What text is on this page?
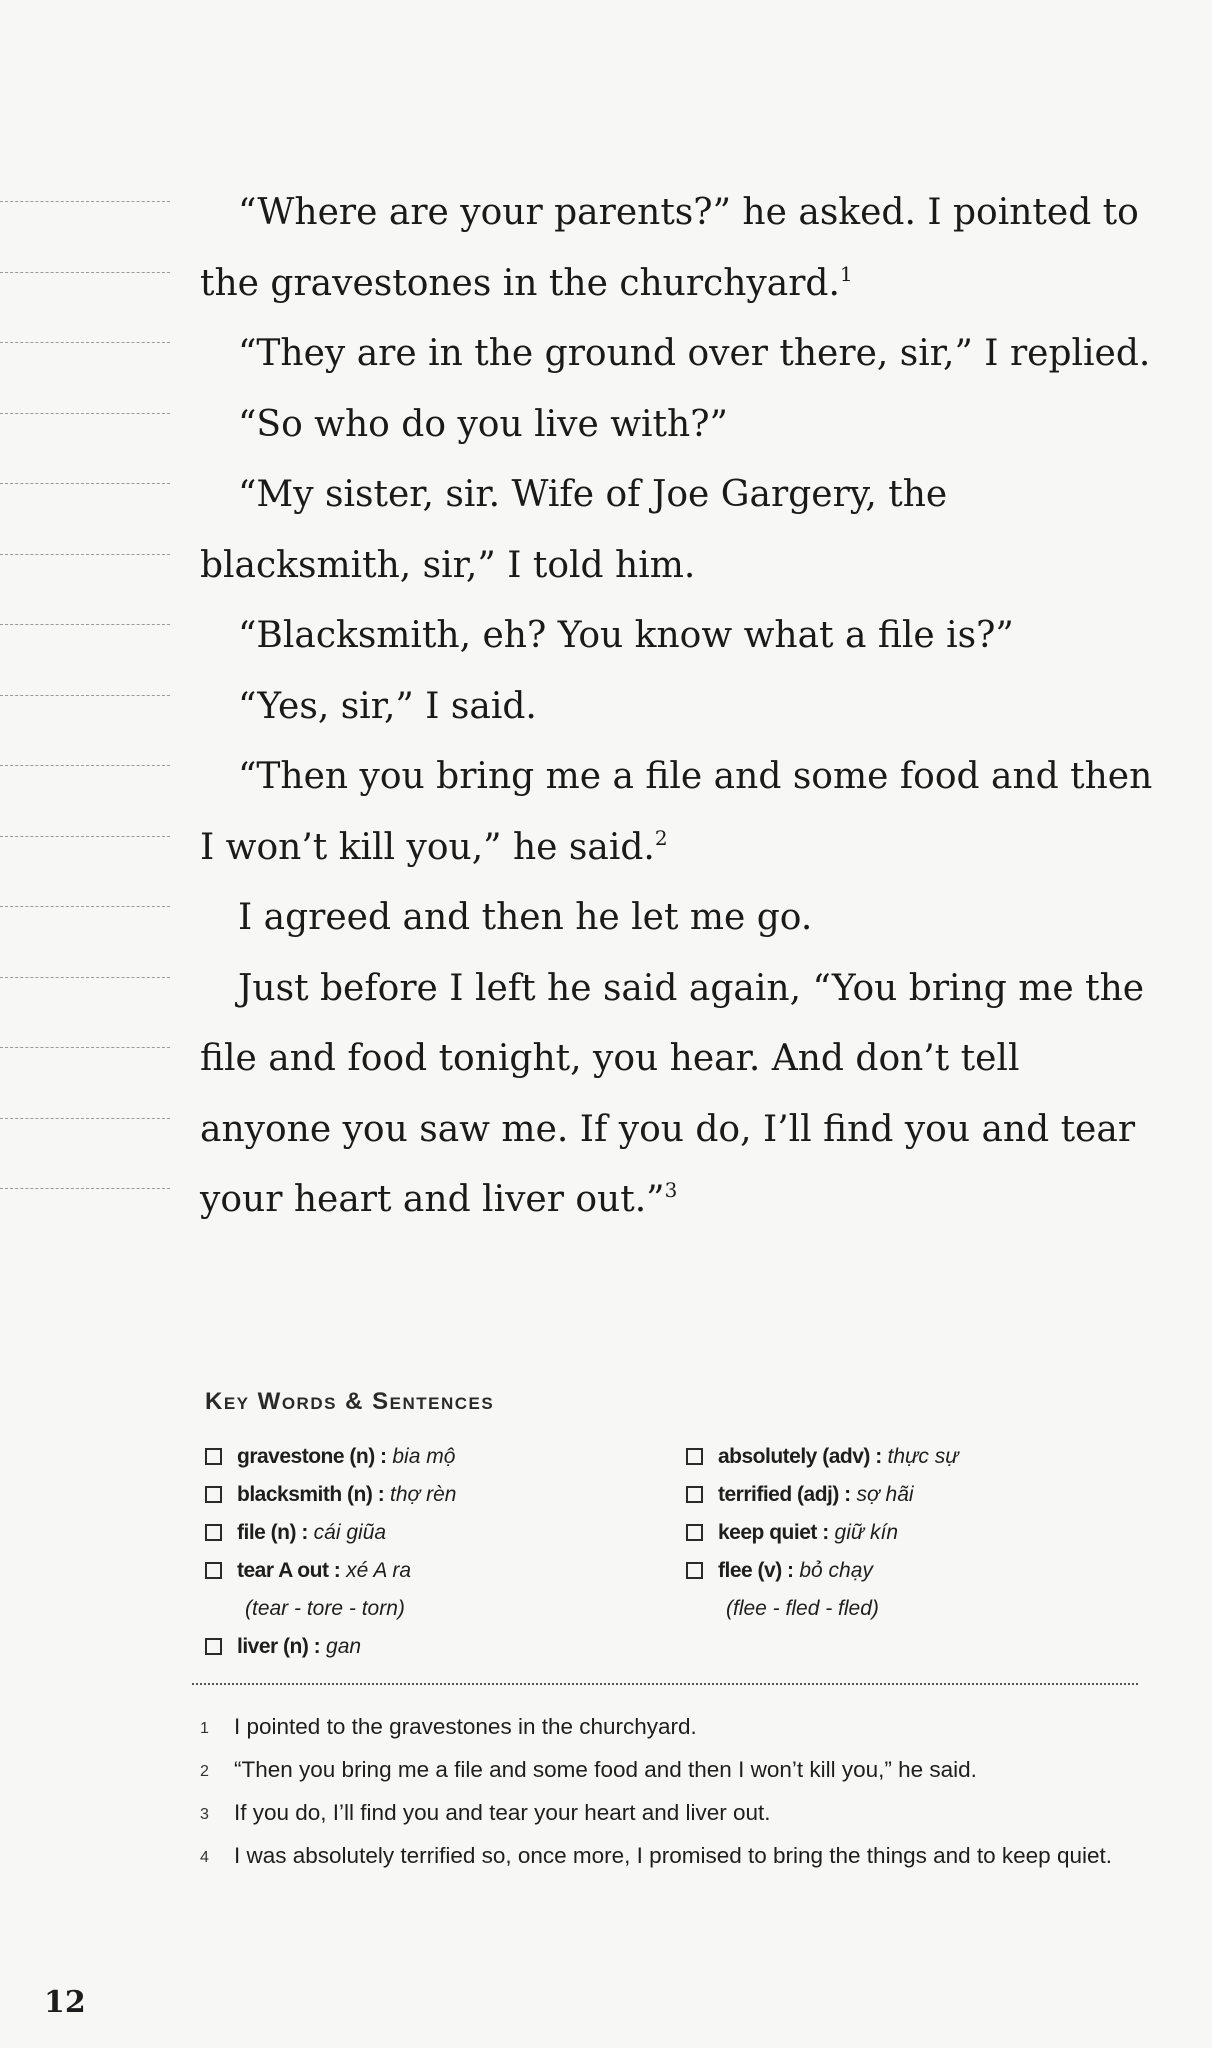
“Where are your parents?” he asked. I pointed to the gravestones in the churchyard.$^1$

“They are in the ground over there, sir,” I replied.

“So who do you live with?”

“My sister, sir. Wife of Joe Gargery, the blacksmith, sir,” I told him.

“Blacksmith, eh? You know what a file is?”

“Yes, sir,” I said.

“Then you bring me a file and some food and then I won’t kill you,” he said.$^2$

I agreed and then he let me go.

Just before I left he said again, “You bring me the file and food tonight, you hear. And don’t tell anyone you saw me. If you do, I’ll find you and tear your heart and liver out.”$^3$

Key Words & Sentences
gravestone (n) : bia mộ
blacksmith (n) : thợ rèn
file (n) : cái giũa
tear A out : xé A ra
(tear - tore - torn)
liver (n) : gan
absolutely (adv) : thực sự
terrified (adj) : sợ hãi
keep quiet : giữ kín
flee (v) : bỏ chạy
(flee - fled - fled)
1 I pointed to the gravestones in the churchyard.
2 “Then you bring me a file and some food and then I won’t kill you,” he said.
3 If you do, I’ll find you and tear your heart and liver out.
4 I was absolutely terrified so, once more, I promised to bring the things and to keep quiet.
12
